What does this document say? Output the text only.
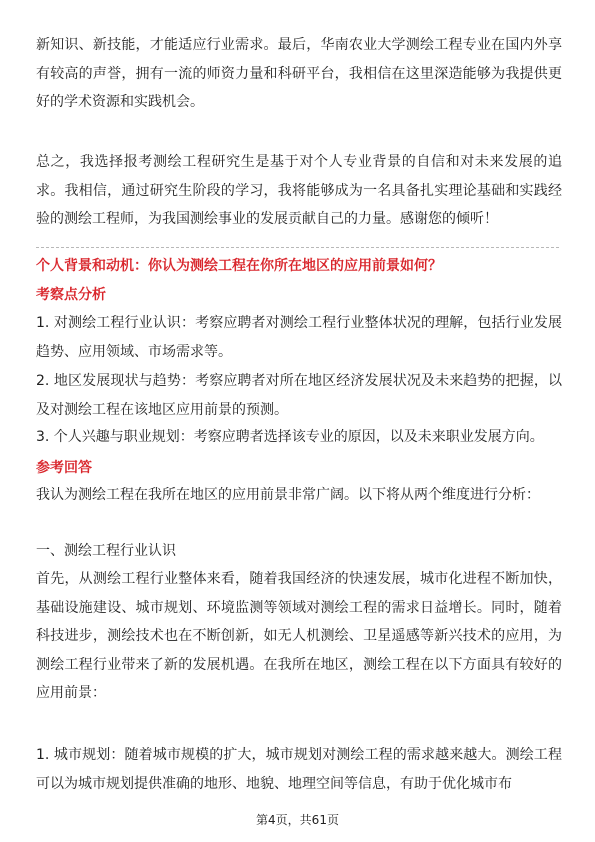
新知识、新技能，才能适应行业需求。最后，华南农业大学测绘工程专业在国内外享有较高的声誉，拥有一流的师资力量和科研平台，我相信在这里深造能够为我提供更好的学术资源和实践机会。

总之，我选择报考测绘工程研究生是基于对个人专业背景的自信和对未来发展的追求。我相信，通过研究生阶段的学习，我将能够成为一名具备扎实理论基础和实践经验的测绘工程师，为我国测绘事业的发展贡献自己的力量。感谢您的倾听！

个人背景和动机：你认为测绘工程在你所在地区的应用前景如何？
考察点分析

1. 对测绘工程行业认识：考察应聘者对测绘工程行业整体状况的理解，包括行业发展趋势、应用领域、市场需求等。

2. 地区发展现状与趋势：考察应聘者对所在地区经济发展状况及未来趋势的把握，以及对测绘工程在该地区应用前景的预测。

3. 个人兴趣与职业规划：考察应聘者选择该专业的原因，以及未来职业发展方向。

参考回答
我认为测绘工程在我所在地区的应用前景非常广阔。以下将从两个维度进行分析：
一、测绘工程行业认识

首先，从测绘工程行业整体来看，随着我国经济的快速发展，城市化进程不断加快，基础设施建设、城市规划、环境监测等领域对测绘工程的需求日益增长。同时，随着科技进步，测绘技术也在不断创新，如无人机测绘、卫星遥感等新兴技术的应用，为测绘工程行业带来了新的发展机遇。在我所在地区，测绘工程在以下方面具有较好的应用前景：

1. 城市规划：随着城市规模的扩大，城市规划对测绘工程的需求越来越大。测绘工程可以为城市规划提供准确的地形、地貌、地理空间等信息，有助于优化城市布

第4页，共61页
